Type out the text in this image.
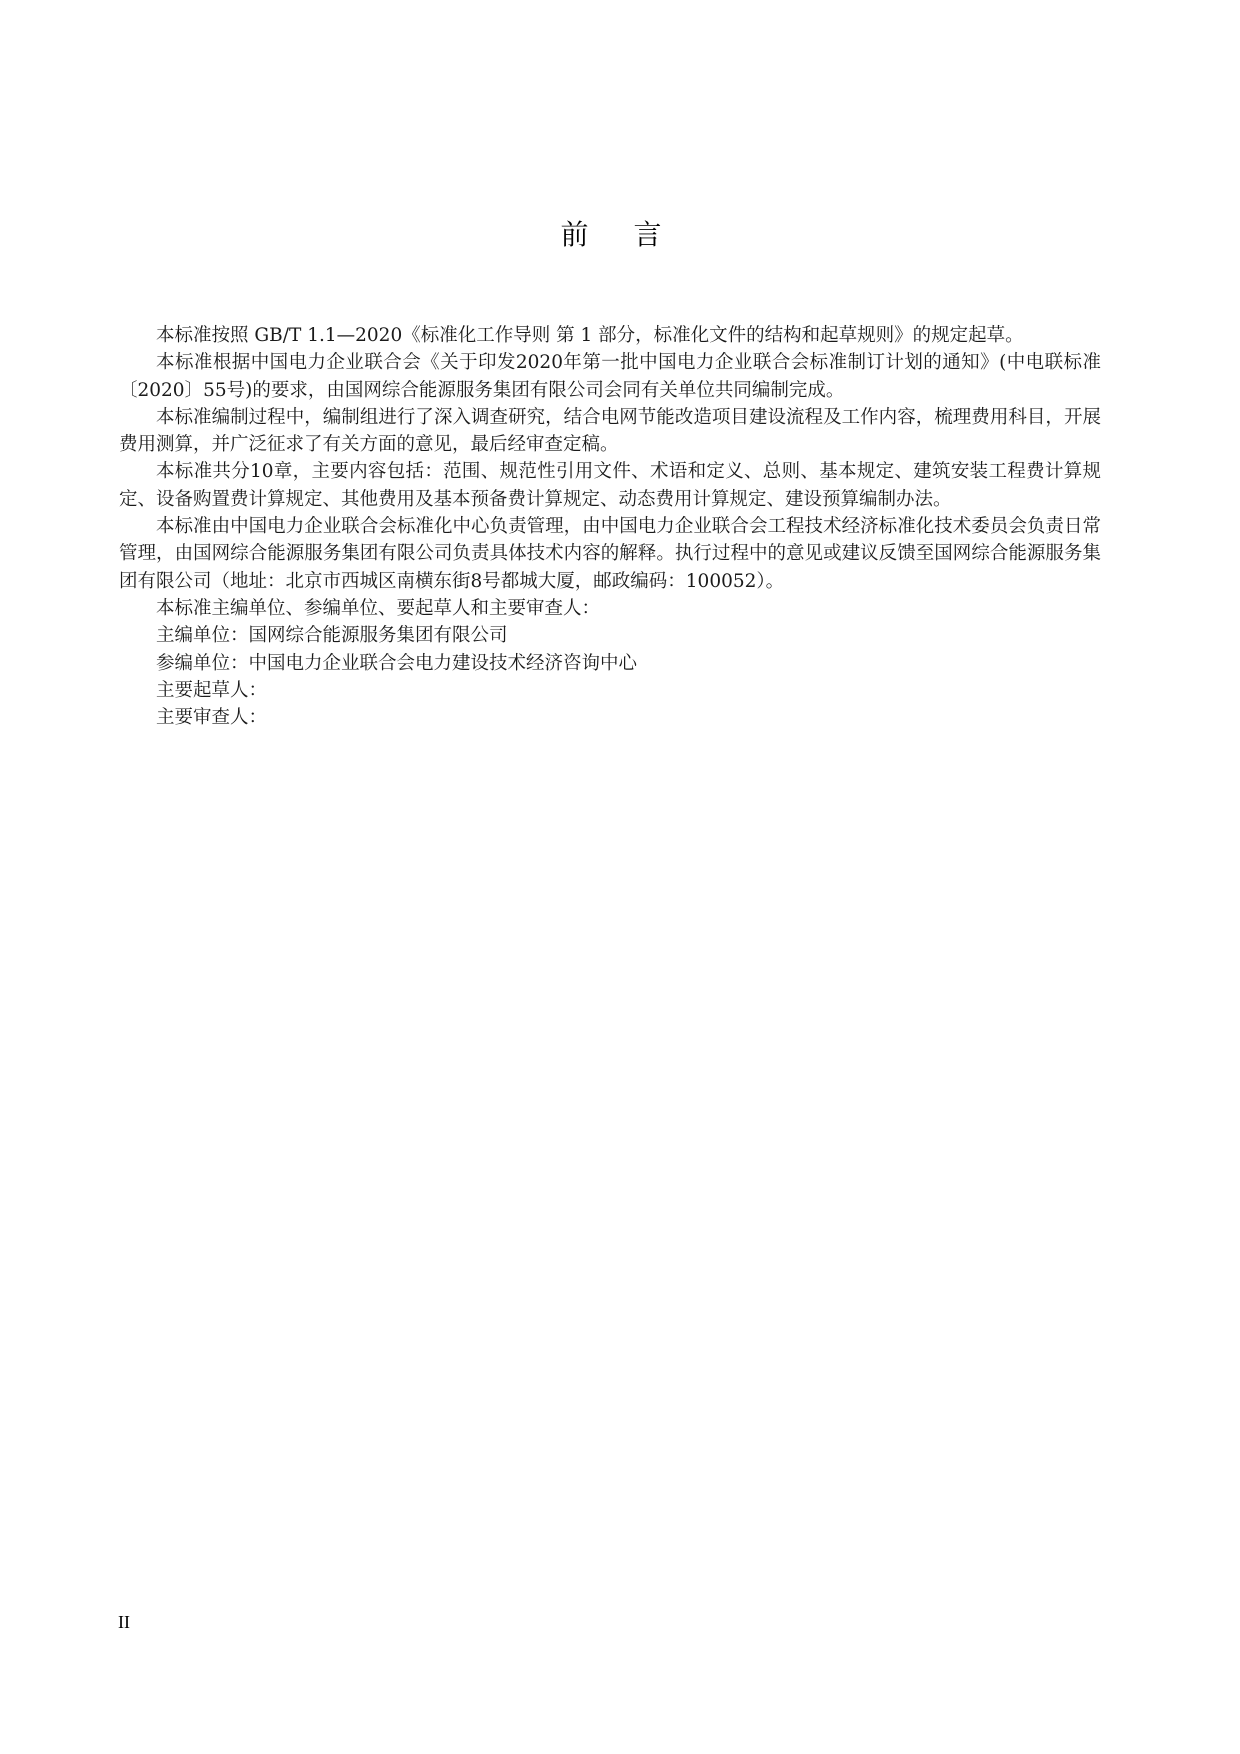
前 言

本标准按照 GB/T 1.1—2020《标准化工作导则 第 1 部分，标准化文件的结构和起草规则》的规定起草。

本标准根据中国电力企业联合会《关于印发2020年第一批中国电力企业联合会标准制订计划的通知》(中电联标准〔2020〕55号)的要求，由国网综合能源服务集团有限公司会同有关单位共同编制完成。

本标准编制过程中，编制组进行了深入调查研究，结合电网节能改造项目建设流程及工作内容，梳理费用科目，开展费用测算，并广泛征求了有关方面的意见，最后经审查定稿。

本标准共分10章，主要内容包括：范围、规范性引用文件、术语和定义、总则、基本规定、建筑安装工程费计算规定、设备购置费计算规定、其他费用及基本预备费计算规定、动态费用计算规定、建设预算编制办法。

本标准由中国电力企业联合会标准化中心负责管理，由中国电力企业联合会工程技术经济标准化技术委员会负责日常管理，由国网综合能源服务集团有限公司负责具体技术内容的解释。执行过程中的意见或建议反馈至国网综合能源服务集团有限公司（地址：北京市西城区南横东街8号都城大厦，邮政编码：100052）。

本标准主编单位、参编单位、要起草人和主要审查人：

主编单位：国网综合能源服务集团有限公司

参编单位：中国电力企业联合会电力建设技术经济咨询中心

主要起草人：

主要审查人：

II
